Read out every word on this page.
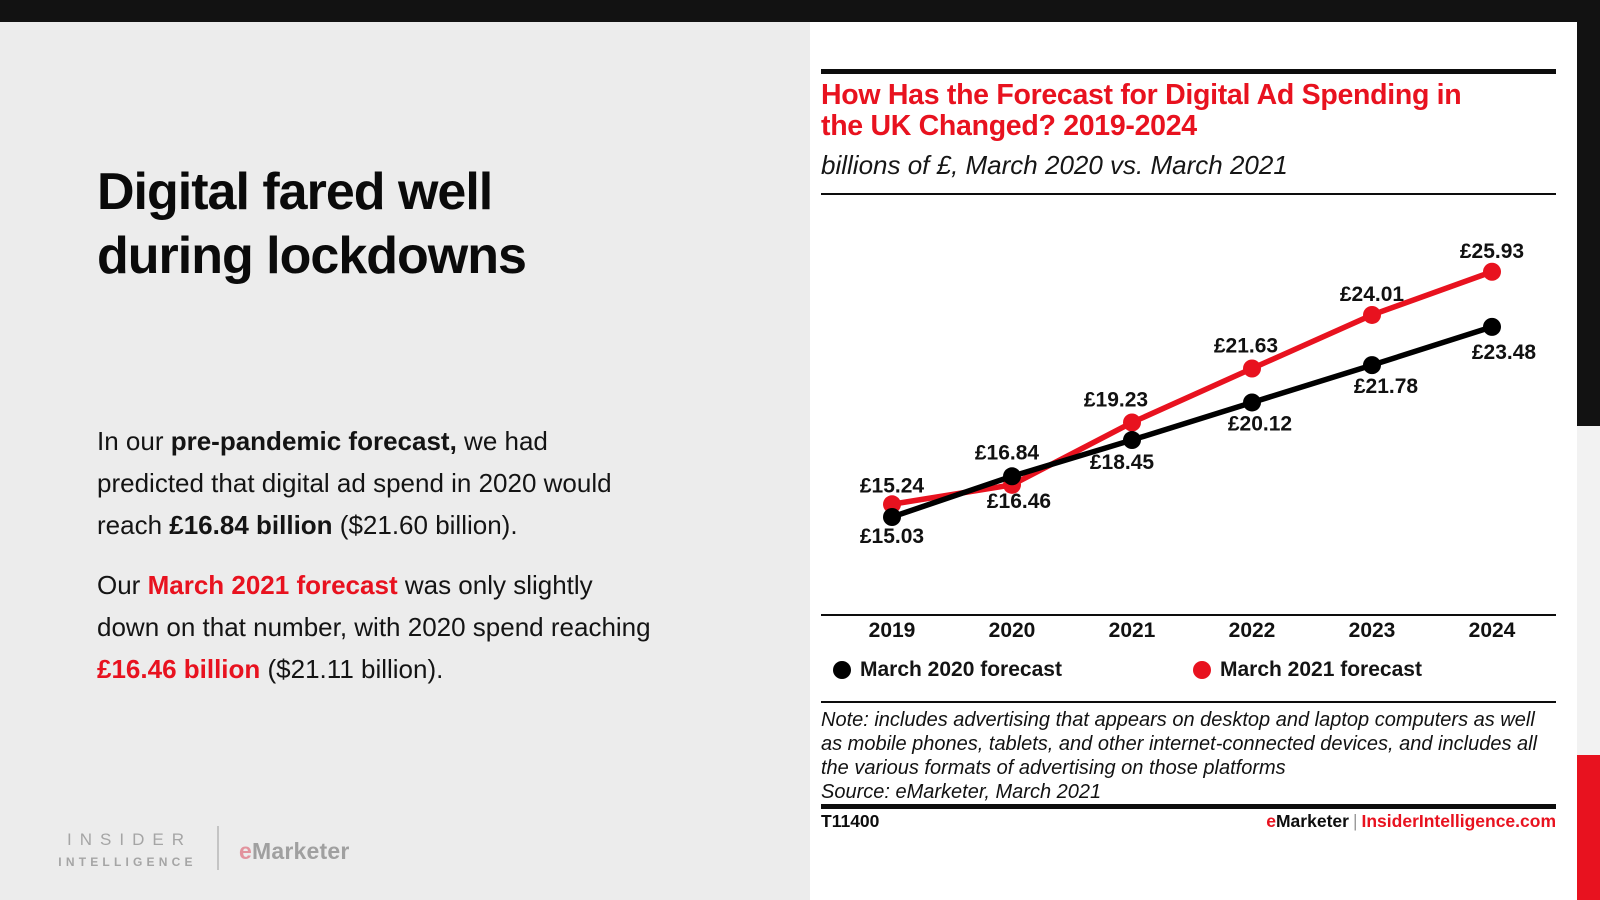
Digital fared well during lockdowns

In our pre-pandemic forecast, we had predicted that digital ad spend in 2020 would reach £16.84 billion ($21.60 billion).

Our March 2021 forecast was only slightly down on that number, with 2020 spend reaching £16.46 billion ($21.11 billion).

INSIDER
INTELLIGENCE eMarketer
How Has the Forecast for Digital Ad Spending in
the UK Changed? 2019-2024
billions of £, March 2020 vs. March 2021
2019	2020	2021	2022	2023	2024
£15.24
£16.46
£19.23
£21.63
£24.01
£25.93
£15.03
£16.84 £18.45
£20.12
£21.78
£23.48
March 2020 forecast	March 2021 forecast
Note: includes advertising that appears on desktop and laptop computers as well
as mobile phones, tablets, and other internet-connected devices, and includes all
the various formats of advertising on those platforms
Source: eMarketer, March 2021
T11400	eMarketer | InsiderIntelligence.com
